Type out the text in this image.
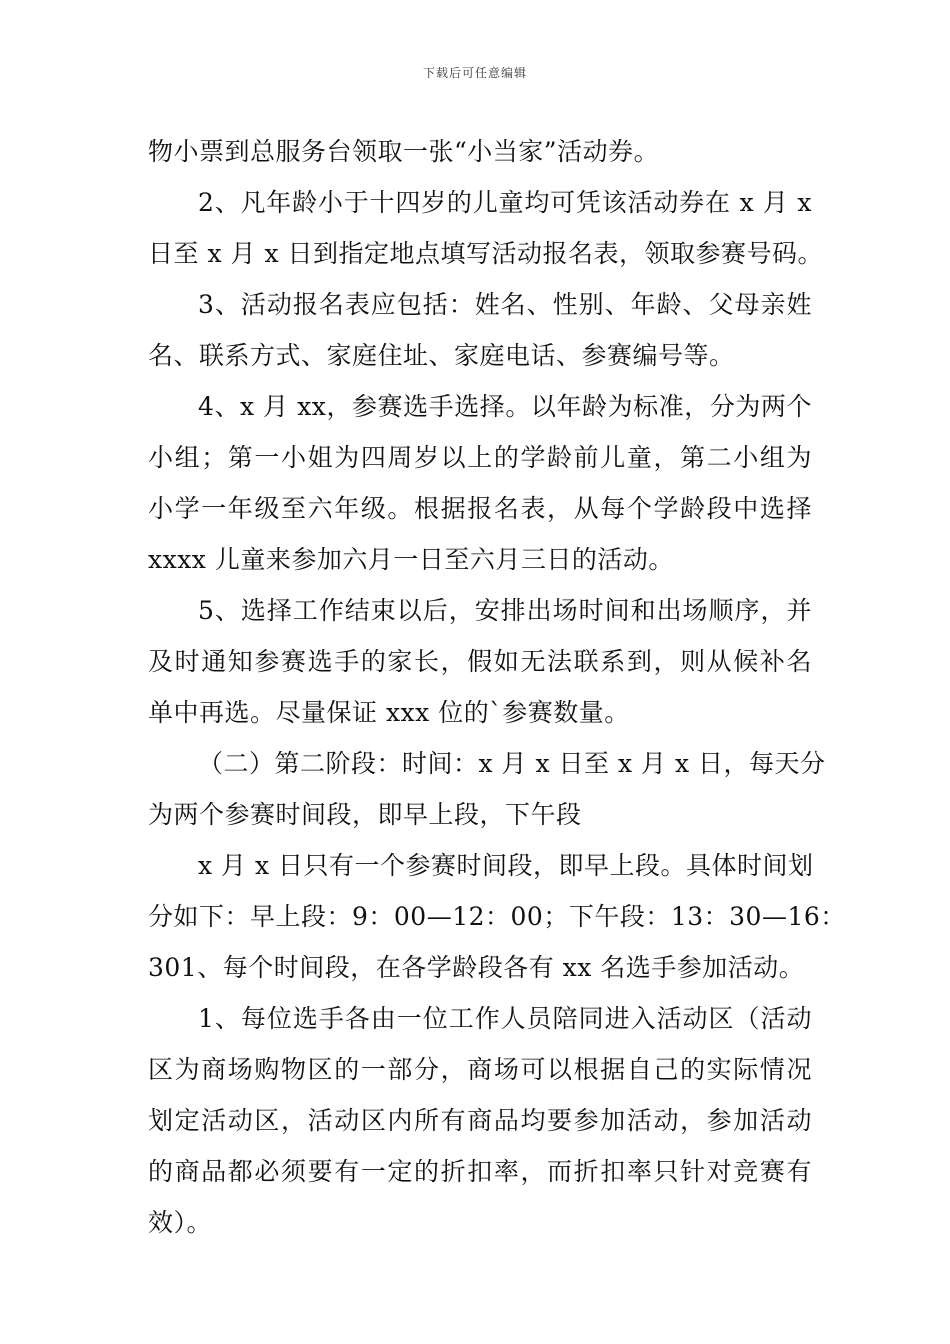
下载后可任意编辑
物小票到总服务台领取一张“小当家”活动券。
2、凡年龄小于十四岁的儿童均可凭该活动券在 x 月 x
日至 x 月 x 日到指定地点填写活动报名表，领取参赛号码。
3、活动报名表应包括：姓名、性别、年龄、父母亲姓
名、联系方式、家庭住址、家庭电话、参赛编号等。
4、x 月 xx，参赛选手选择。以年龄为标准，分为两个
小组；第一小姐为四周岁以上的学龄前儿童，第二小组为
小学一年级至六年级。根据报名表，从每个学龄段中选择
xxxx 儿童来参加六月一日至六月三日的活动。
5、选择工作结束以后，安排出场时间和出场顺序，并
及时通知参赛选手的家长，假如无法联系到，则从候补名
单中再选。尽量保证 xxx 位的`参赛数量。
（二）第二阶段：时间：x 月 x 日至 x 月 x 日，每天分
为两个参赛时间段，即早上段，下午段
x 月 x 日只有一个参赛时间段，即早上段。具体时间划
分如下：早上段：9：00—12：00；下午段：13：30—16：
301、每个时间段，在各学龄段各有 xx 名选手参加活动。
1、每位选手各由一位工作人员陪同进入活动区（活动
区为商场购物区的一部分，商场可以根据自己的实际情况
划定活动区，活动区内所有商品均要参加活动，参加活动
的商品都必须要有一定的折扣率，而折扣率只针对竞赛有
效）。
